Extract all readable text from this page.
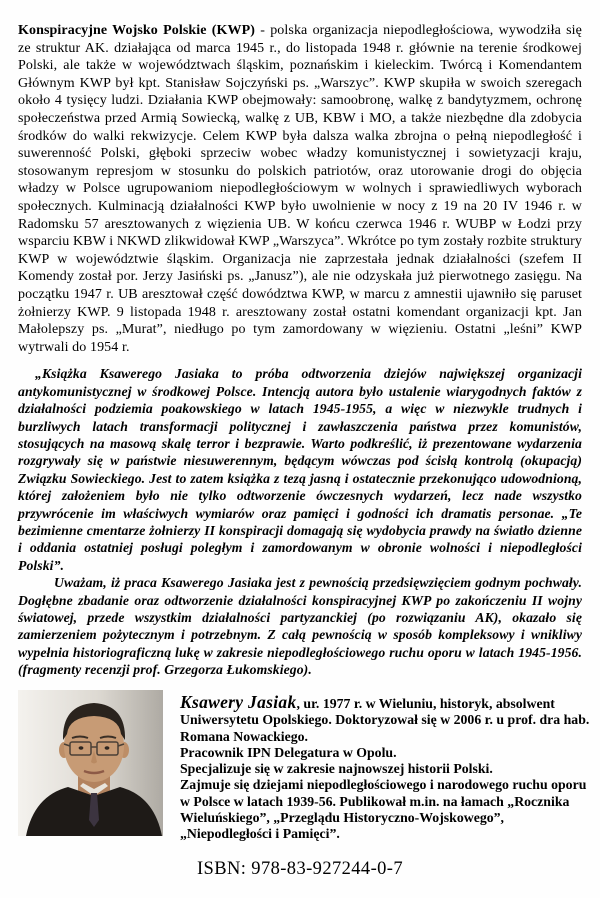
Konspiracyjne Wojsko Polskie (KWP) - polska organizacja niepodległościowa, wywodziła się ze struktur AK. działająca od marca 1945 r., do listopada 1948 r. głównie na terenie środkowej Polski, ale także w województwach śląskim, poznańskim i kieleckim. Twórcą i Komendantem Głównym KWP był kpt. Stanisław Sojczyński ps. „Warszyc”. KWP skupiła w swoich szeregach około 4 tysięcy ludzi. Działania KWP obejmowały: samoobronę, walkę z bandytyzmem, ochronę społeczeństwa przed Armią Sowiecką, walkę z UB, KBW i MO, a także niezbędne dla zdobycia środków do walki rekwizycje. Celem KWP była dalsza walka zbrojna o pełną niepodległość i suwerenność Polski, głęboki sprzeciw wobec władzy komunistycznej i sowietyzacji kraju, stosowanym represjom w stosunku do polskich patriotów, oraz utorowanie drogi do objęcia władzy w Polsce ugrupowaniom niepodległościowym w wolnych i sprawiedliwych wyborach społecznych. Kulminacją działalności KWP było uwolnienie w nocy z 19 na 20 IV 1946 r. w Radomsku 57 aresztowanych z więzienia UB. W końcu czerwca 1946 r. WUBP w Łodzi przy wsparciu KBW i NKWD zlikwidował KWP „Warszyca”. Wkrótce po tym zostały rozbite struktury KWP w województwie śląskim. Organizacja nie zaprzestała jednak działalności (szefem II Komendy został por. Jerzy Jasiński ps. „Janusz”), ale nie odzyskała już pierwotnego zasięgu. Na początku 1947 r. UB aresztował część dowództwa KWP, w marcu z amnestii ujawniło się paruset żołnierzy KWP. 9 listopada 1948 r. aresztowany został ostatni komendant organizacji kpt. Jan Małolepszy ps. „Murat”, niedługo po tym zamordowany w więzieniu. Ostatni „leśni” KWP wytrwali do 1954 r.

„Książka Ksawerego Jasiaka to próba odtworzenia dziejów największej organizacji antykomunistycznej w środkowej Polsce. Intencją autora było ustalenie wiarygodnych faktów z działalności podziemia poakowskiego w latach 1945-1955, a więc w niezwykle trudnych i burzliwych latach transformacji politycznej i zawłaszczenia państwa przez komunistów, stosujących na masową skalę terror i bezprawie. Warto podkreślić, iż prezentowane wydarzenia rozgrywały się w państwie niesuwerennym, będącym wówczas pod ścisłą kontrolą (okupacją) Związku Sowieckiego. Jest to zatem książka z tezą jasną i ostatecznie przekonująco udowodnioną, której założeniem było nie tylko odtworzenie ówczesnych wydarzeń, lecz nade wszystko przywrócenie im właściwych wymiarów oraz pamięci i godności ich dramatis personae. „Te bezimienne cmentarze żołnierzy II konspiracji domagają się wydobycia prawdy na światło dzienne i oddania ostatniej posługi poległym i zamordowanym w obronie wolności i niepodległości Polski”.

Uważam, iż praca Ksawerego Jasiaka jest z pewnością przedsięwzięciem godnym pochwały. Dogłębne zbadanie oraz odtworzenie działalności konspiracyjnej KWP po zakończeniu II wojny światowej, przede wszystkim działalności partyzanckiej (po rozwiązaniu AK), okazało się zamierzeniem pożytecznym i potrzebnym. Z całą pewnością w sposób kompleksowy i wnikliwy wypełnia historiograficzną lukę w zakresie niepodległościowego ruchu oporu w latach 1945-1956. (fragmenty recenzji prof. Grzegorza Łukomskiego).

Ksawery Jasiak, ur. 1977 r. w Wieluniu, historyk, absolwent
Uniwersytetu Opolskiego. Doktoryzował się w 2006 r. u prof. dra hab.
Romana Nowackiego.
Pracownik IPN Delegatura w Opolu.
Specjalizuje się w zakresie najnowszej historii Polski.
Zajmuje się dziejami niepodległościowego i narodowego ruchu oporu
w Polsce w latach 1939-56. Publikował m.in. na łamach „Rocznika
Wieluńskiego”, „Przeglądu Historyczno-Wojskowego”,
„Niepodległości i Pamięci”.
ISBN: 978-83-927244-0-7
